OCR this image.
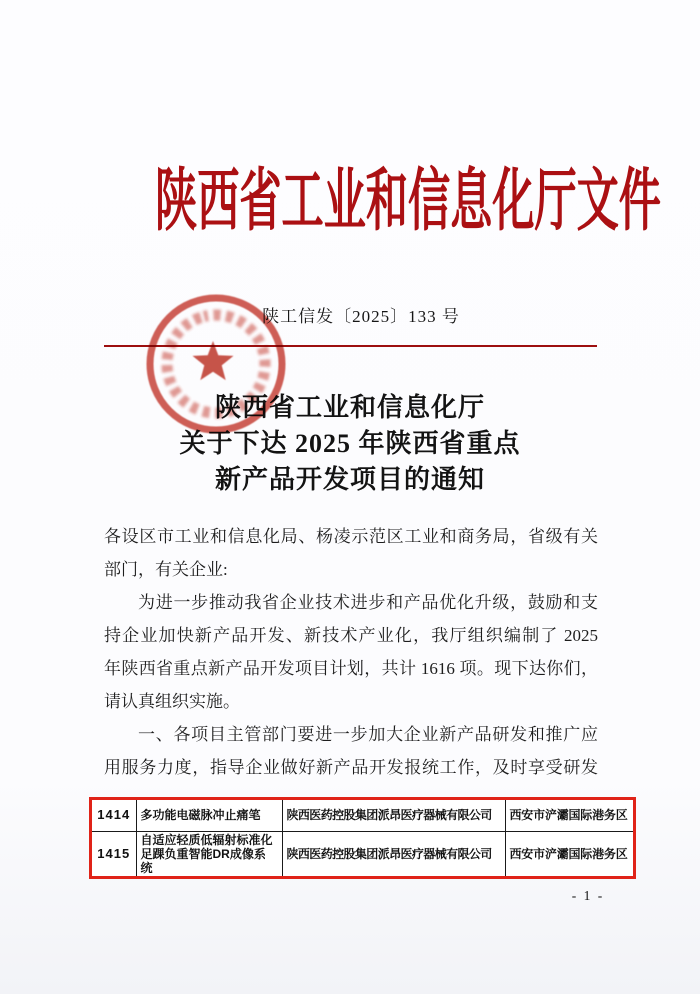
陕西省工业和信息化厅文件
陕工信发〔2025〕133 号
陕西省工业和信息化厅
关于下达 2025 年陕西省重点
新产品开发项目的通知
各设区市工业和信息化局、杨凌示范区工业和商务局，省级有关
部门，有关企业:
为进一步推动我省企业技术进步和产品优化升级，鼓励和支
持企业加快新产品开发、新技术产业化，我厅组织编制了 2025
年陕西省重点新产品开发项目计划，共计 1616 项。现下达你们，
请认真组织实施。
一、各项目主管部门要进一步加大企业新产品研发和推广应
用服务力度，指导企业做好新产品开发报统工作，及时享受研发
1414	多功能电磁脉冲止痛笔	陕西医药控股集团派昂医疗器械有限公司	西安市浐灞国际港务区
1415	自适应轻质低辐射标准化足踝负重智能DR成像系统	陕西医药控股集团派昂医疗器械有限公司	西安市浐灞国际港务区
- 1 -
